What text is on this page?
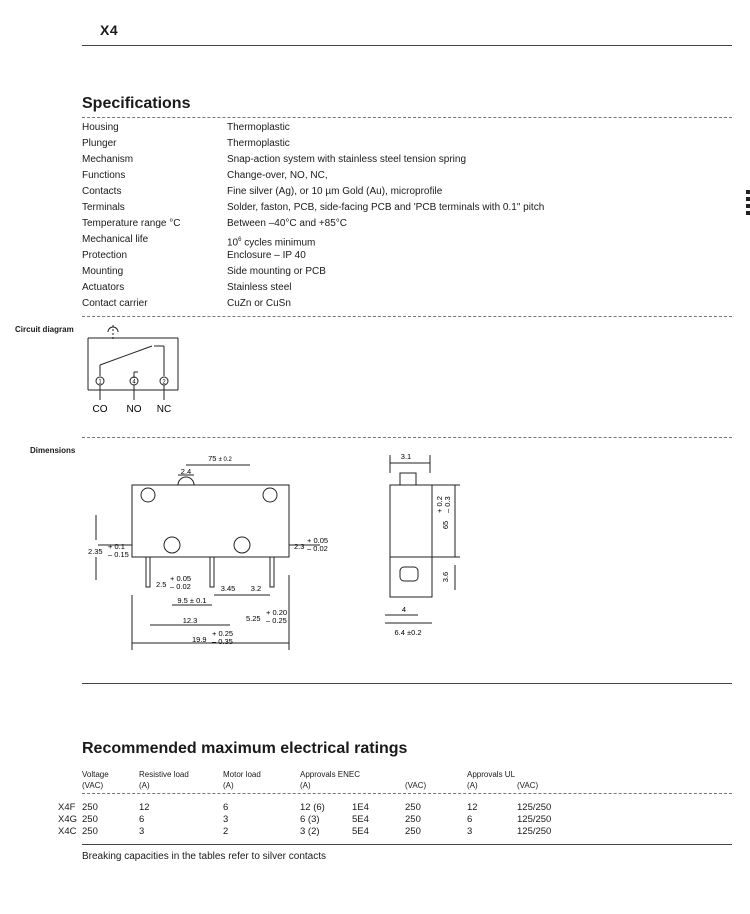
X4
Specifications
Housing	Thermoplastic
Plunger	Thermoplastic
Mechanism	Snap-action system with stainless steel tension spring
Functions	Change-over, NO, NC,
Contacts	Fine silver (Ag), or 10 µm Gold (Au), microprofile
Terminals	Solder, faston, PCB, side-facing PCB and 'PCB terminals with 0.1" pitch
Temperature range °C	Between –40°C and +85°C
Mechanical life	$10^6$ cycles minimum
Protection	Enclosure – IP 40
Mounting	Side mounting or PCB
Actuators	Stainless steel
Contact carrier	CuZn or CuSn
Circuit diagram
1	4	2
CO NO NC
Dimensions
75 ± 0.2
2.4
2.35
+ 0.1
– 0.15
2.3
+ 0.05
– 0.02
2.5
+ 0.05
– 0.02	3.45 3.2
9.5 ± 0.1
12.3	5.25
+ 0.20
– 0.25
19.9
+ 0.25
– 0.35
3.1
65
+ 0.2 – 0.3
3.6
4
6.4 ±0.2
Recommended maximum electrical ratings
Voltage
(VAC)
Resistive load
(A)
Motor load
(A)
Approvals ENEC
(A)	(VAC)
Approvals UL
(A)	(VAC)
X4F 250	12	6	12 (6)	1E4	250	12	125/250
X4G 250	6	3	6 (3)	5E4	250	6	125/250
X4C 250	3	2	3 (2)	5E4	250	3	125/250
Breaking capacities in the tables refer to silver contacts
